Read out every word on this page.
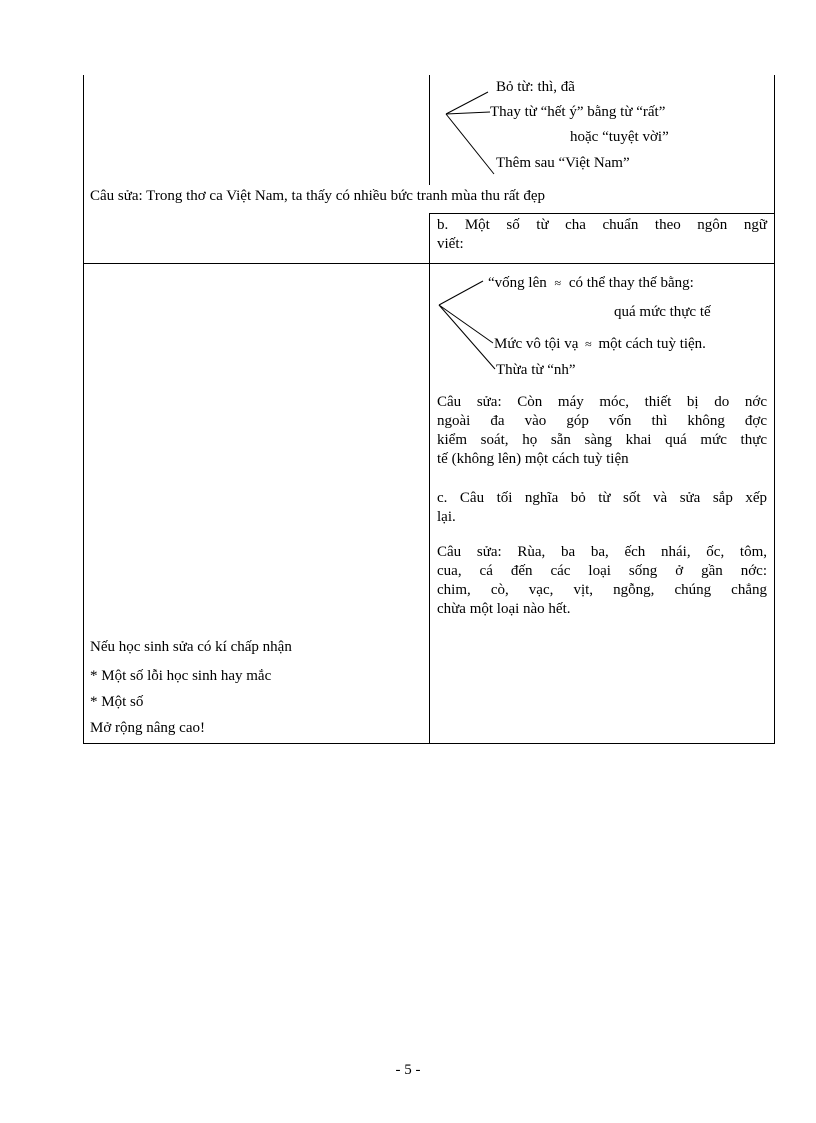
Bỏ từ: thì, đã
Thay từ “hết ý” bằng từ “rất”
hoặc “tuyệt vời”
Thêm sau “Việt Nam”
Câu sửa: Trong thơ ca Việt Nam, ta thấy có nhiều bức tranh mùa thu rất đẹp
b. Một số từ cha chuẩn theo ngôn ngữ
viết:
“vống lên ≈ có thể thay thế bằng:
quá mức thực tế
Mức vô tội vạ ≈ một cách tuỳ tiện.
Thừa từ “nh”
Câu sửa: Còn máy móc, thiết bị do nớc
ngoài đa vào góp vốn thì không đợc
kiểm soát, họ sẵn sàng khai quá mức thực
tế (không lên) một cách tuỳ tiện
c. Câu tối nghĩa bỏ từ sốt và sửa sắp xếp
lại.
Câu sửa: Rùa, ba ba, ếch nhái, ốc, tôm,
cua, cá đến các loại sống ở gần nớc:
chim, cò, vạc, vịt, ngỗng, chúng chẳng
chừa một loại nào hết.
Nếu học sinh sửa có kí chấp nhận
* Một số lỗi học sinh hay mắc
* Một số
Mở rộng nâng cao!
- 5 -
